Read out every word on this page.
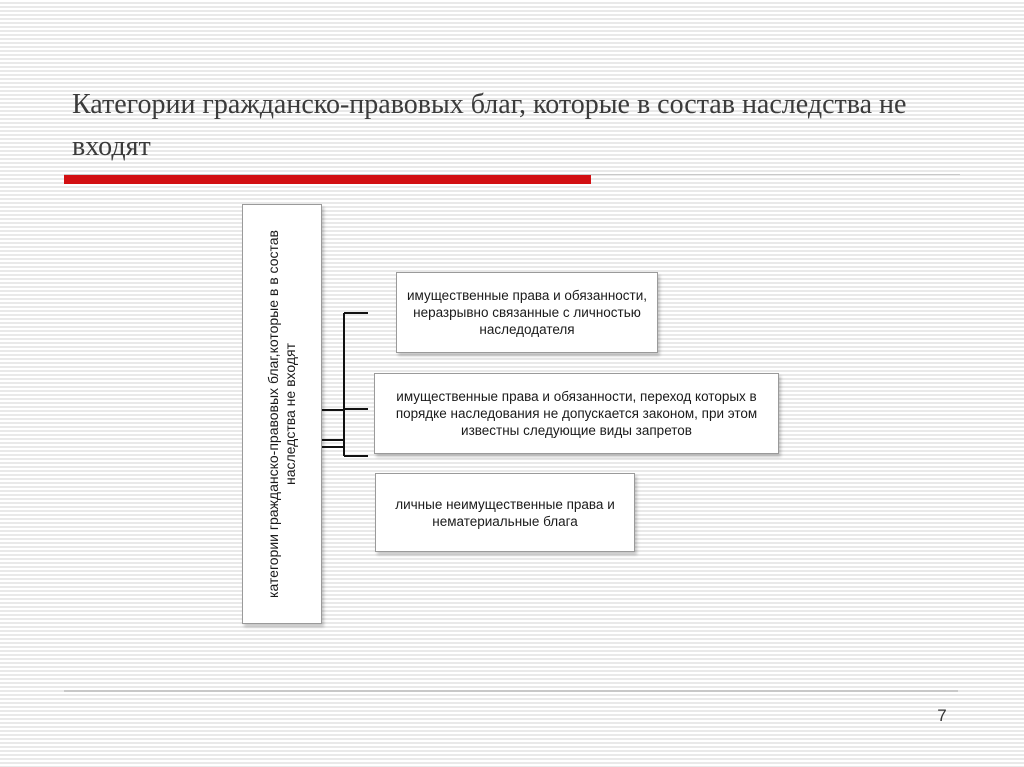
Категории гражданско-правовых благ, которые в состав наследства не входят
категории гражданско-правовых благ,которые в в состав наследства не входят
имущественные права и обязанности, неразрывно связанные с личностью наследодателя
имущественные права и обязанности, переход которых в порядке наследования не допускается законом, при этом известны следующие виды запретов
личные неимущественные права и нематериальные блага
7
